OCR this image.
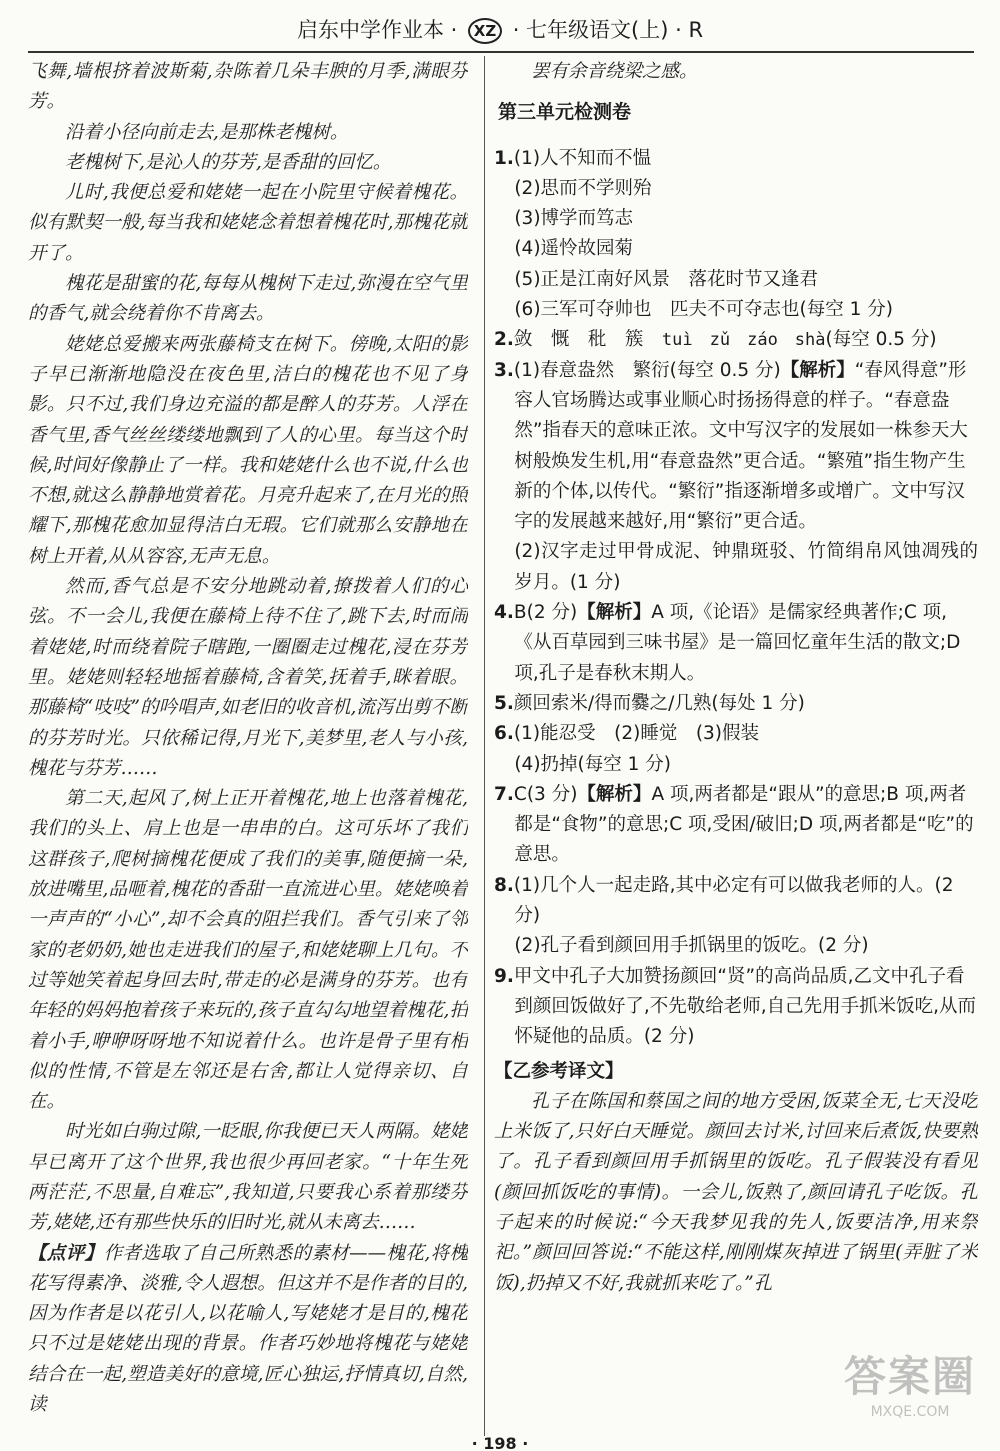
启东中学作业本 · XZ · 七年级语文(上) · R

飞舞,墙根挤着波斯菊,杂陈着几朵丰腴的月季,满眼芬芳。

沿着小径向前走去,是那株老槐树。

老槐树下,是沁人的芬芳,是香甜的回忆。

儿时,我便总爱和姥姥一起在小院里守候着槐花。似有默契一般,每当我和姥姥念着想着槐花时,那槐花就开了。

槐花是甜蜜的花,每每从槐树下走过,弥漫在空气里的香气,就会绕着你不肯离去。

姥姥总爱搬来两张藤椅支在树下。傍晚,太阳的影子早已渐渐地隐没在夜色里,洁白的槐花也不见了身影。只不过,我们身边充溢的都是醉人的芬芳。人浮在香气里,香气丝丝缕缕地飘到了人的心里。每当这个时候,时间好像静止了一样。我和姥姥什么也不说,什么也不想,就这么静静地赏着花。月亮升起来了,在月光的照耀下,那槐花愈加显得洁白无瑕。它们就那么安静地在树上开着,从从容容,无声无息。

然而,香气总是不安分地跳动着,撩拨着人们的心弦。不一会儿,我便在藤椅上待不住了,跳下去,时而闹着姥姥,时而绕着院子瞎跑,一圈圈走过槐花,浸在芬芳里。姥姥则轻轻地摇着藤椅,含着笑,抚着手,眯着眼。那藤椅“吱吱”的吟唱声,如老旧的收音机,流泻出剪不断的芬芳时光。只依稀记得,月光下,美梦里,老人与小孩,槐花与芬芳……

第二天,起风了,树上正开着槐花,地上也落着槐花,我们的头上、肩上也是一串串的白。这可乐坏了我们这群孩子,爬树摘槐花便成了我们的美事,随便摘一朵,放进嘴里,品咂着,槐花的香甜一直流进心里。姥姥唤着一声声的“小心”,却不会真的阻拦我们。香气引来了邻家的老奶奶,她也走进我们的屋子,和姥姥聊上几句。不过等她笑着起身回去时,带走的必是满身的芬芳。也有年轻的妈妈抱着孩子来玩的,孩子直勾勾地望着槐花,拍着小手,咿咿呀呀地不知说着什么。也许是骨子里有相似的性情,不管是左邻还是右舍,都让人觉得亲切、自在。

时光如白驹过隙,一眨眼,你我便已天人两隔。姥姥早已离开了这个世界,我也很少再回老家。“十年生死两茫茫,不思量,自难忘”,我知道,只要我心系着那缕芬芳,姥姥,还有那些快乐的旧时光,就从未离去……

【点评】作者选取了自己所熟悉的素材——槐花,将槐花写得素净、淡雅,令人遐想。但这并不是作者的目的,因为作者是以花引人,以花喻人,写姥姥才是目的,槐花只不过是姥姥出现的背景。作者巧妙地将槐花与姥姥结合在一起,塑造美好的意境,匠心独运,抒情真切,自然,读

罢有余音绕梁之感。

第三单元检测卷
1.(1)人不知而不愠
(2)思而不学则殆
(3)博学而笃志
(4)遥怜故园菊
(5)正是江南好风景　落花时节又逢君
(6)三军可夺帅也　匹夫不可夺志也(每空 1 分)
2.敛　慨　秕　簇　tuì　zǔ　záo　shà(每空 0.5 分)
3.(1)春意盎然　繁衍(每空 0.5 分)【解析】“春风得意”形容人官场腾达或事业顺心时扬扬得意的样子。“春意盎然”指春天的意味正浓。文中写汉字的发展如一株参天大树般焕发生机,用“春意盎然”更合适。“繁殖”指生物产生新的个体,以传代。“繁衍”指逐渐增多或增广。文中写汉字的发展越来越好,用“繁衍”更合适。

(2)汉字走过甲骨成泥、钟鼎斑驳、竹简绢帛风蚀凋残的岁月。(1 分)

4.B(2 分)【解析】A 项,《论语》是儒家经典著作;C 项,《从百草园到三味书屋》是一篇回忆童年生活的散文;D 项,孔子是春秋末期人。
5.颜回索米/得而爨之/几熟(每处 1 分)
6.(1)能忍受　(2)睡觉　(3)假装
(4)扔掉(每空 1 分)
7.C(3 分)【解析】A 项,两者都是“跟从”的意思;B 项,两者都是“食物”的意思;C 项,受困/破旧;D 项,两者都是“吃”的意思。
8.(1)几个人一起走路,其中必定有可以做我老师的人。(2 分)
(2)孔子看到颜回用手抓锅里的饭吃。(2 分)
9.甲文中孔子大加赞扬颜回“贤”的高尚品质,乙文中孔子看到颜回饭做好了,不先敬给老师,自己先用手抓米饭吃,从而怀疑他的品质。(2 分)
【乙参考译文】

孔子在陈国和蔡国之间的地方受困,饭菜全无,七天没吃上米饭了,只好白天睡觉。颜回去讨米,讨回来后煮饭,快要熟了。孔子看到颜回用手抓锅里的饭吃。孔子假装没有看见(颜回抓饭吃的事情)。一会儿,饭熟了,颜回请孔子吃饭。孔子起来的时候说:“今天我梦见我的先人,饭要洁净,用来祭祀。”颜回回答说:“不能这样,刚刚煤灰掉进了锅里(弄脏了米饭),扔掉又不好,我就抓来吃了。”孔

答案圈
MXQE.COM
· 198 ·
